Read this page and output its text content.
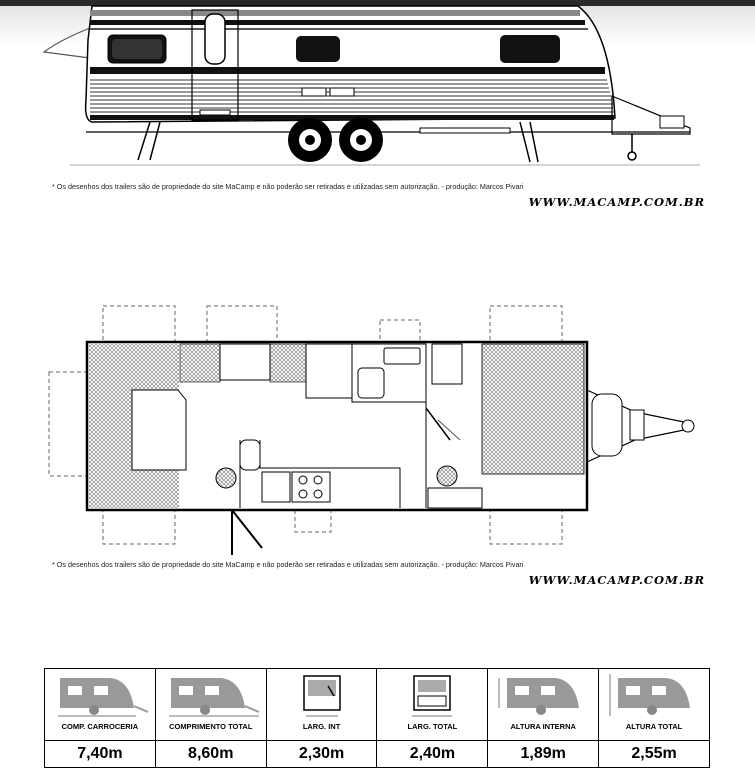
* Os desenhos dos trailers são de propriedade do site MaCamp e não poderão ser retiradas e utilizadas sem autorização. - produção: Marcos Pivari
WWW.MACAMP.COM.BR
* Os desenhos dos trailers são de propriedade do site MaCamp e não poderão ser retiradas e utilizadas sem autorização. - produção: Marcos Pivari
WWW.MACAMP.COM.BR
COMP. CARROCERIA	COMPRIMENTO TOTAL	LARG. INT	LARG. TOTAL	ALTURA INTERNA	ALTURA TOTAL

7,40m	8,60m	2,30m	2,40m	1,89m	2,55m
